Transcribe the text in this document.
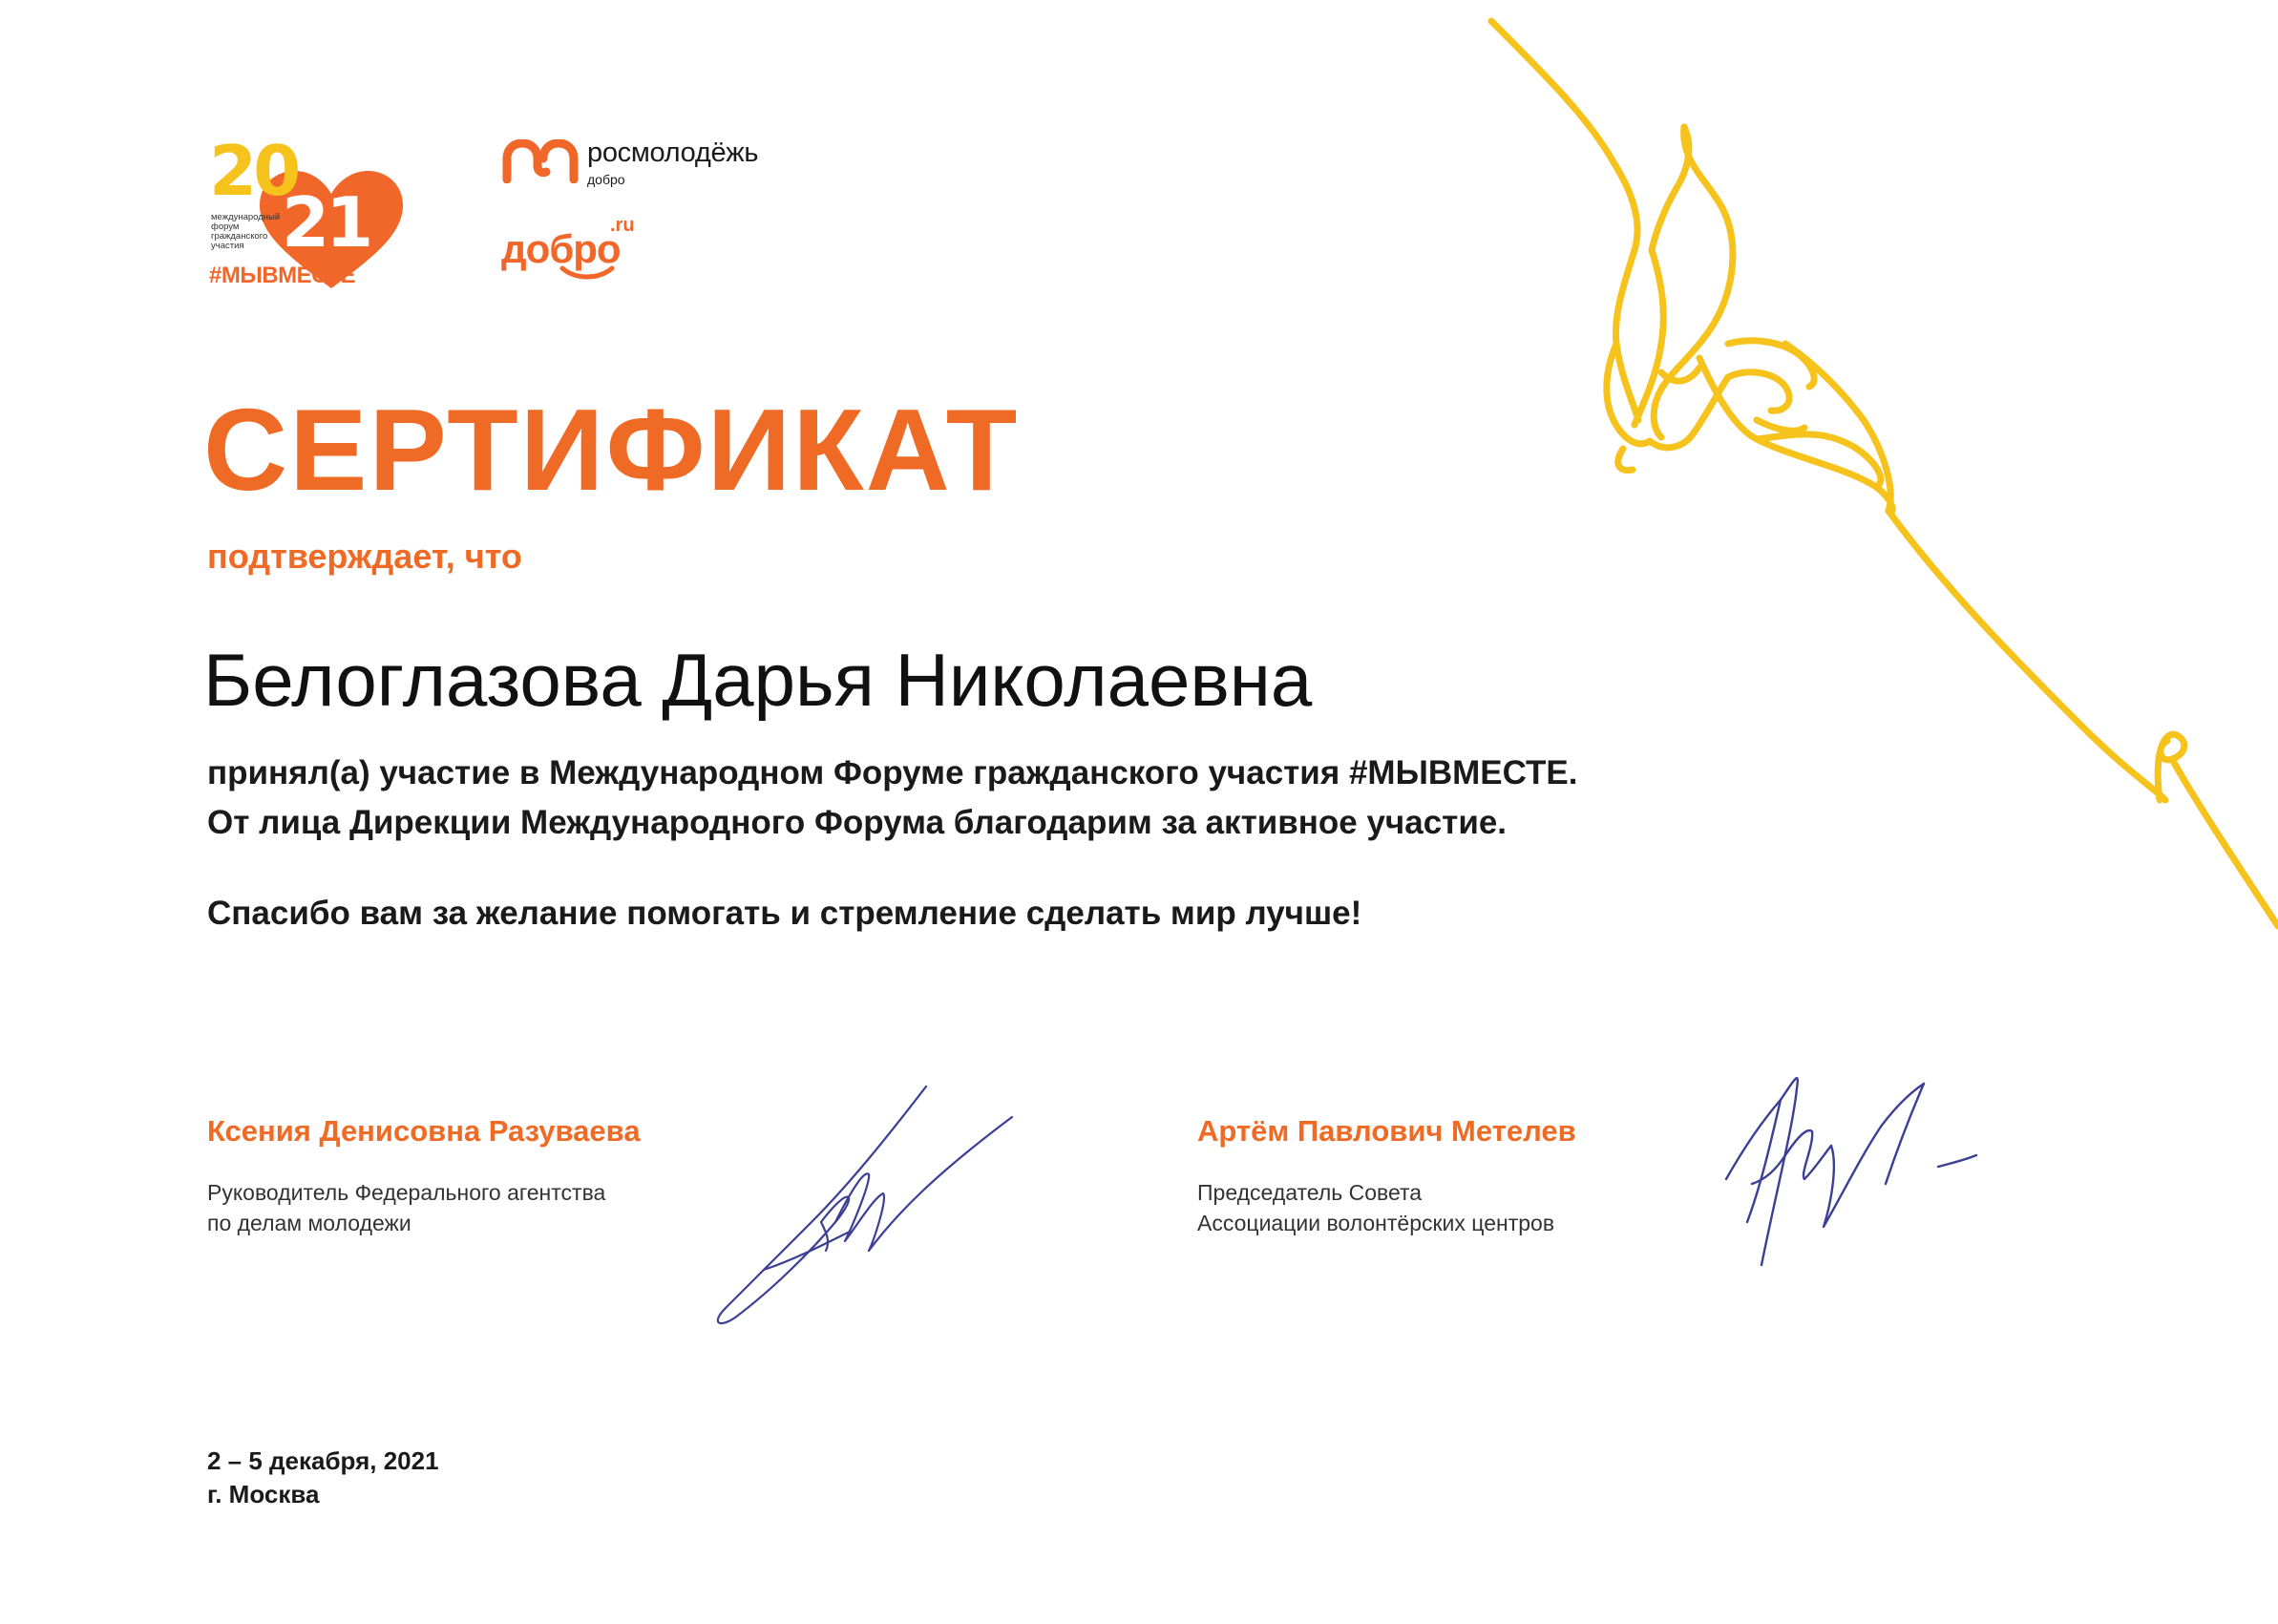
20
21
международный форум гражданского участия
#МЫВМЕСТЕ
росмолодёжь
добро
.ru
добро
СЕРТИФИКАТ
подтверждает, что
Белоглазова Дарья Николаевна
принял(а) участие в Международном Форуме гражданского участия #МЫВМЕСТЕ.
От лица Дирекции Международного Форума благодарим за активное участие.
Спасибо вам за желание помогать и стремление сделать мир лучше!
Ксения Денисовна Разуваева
Руководитель Федерального агентства
по делам молодежи
Артём Павлович Метелев
Председатель Совета
Ассоциации волонтёрских центров
2 – 5 декабря, 2021
г. Москва
